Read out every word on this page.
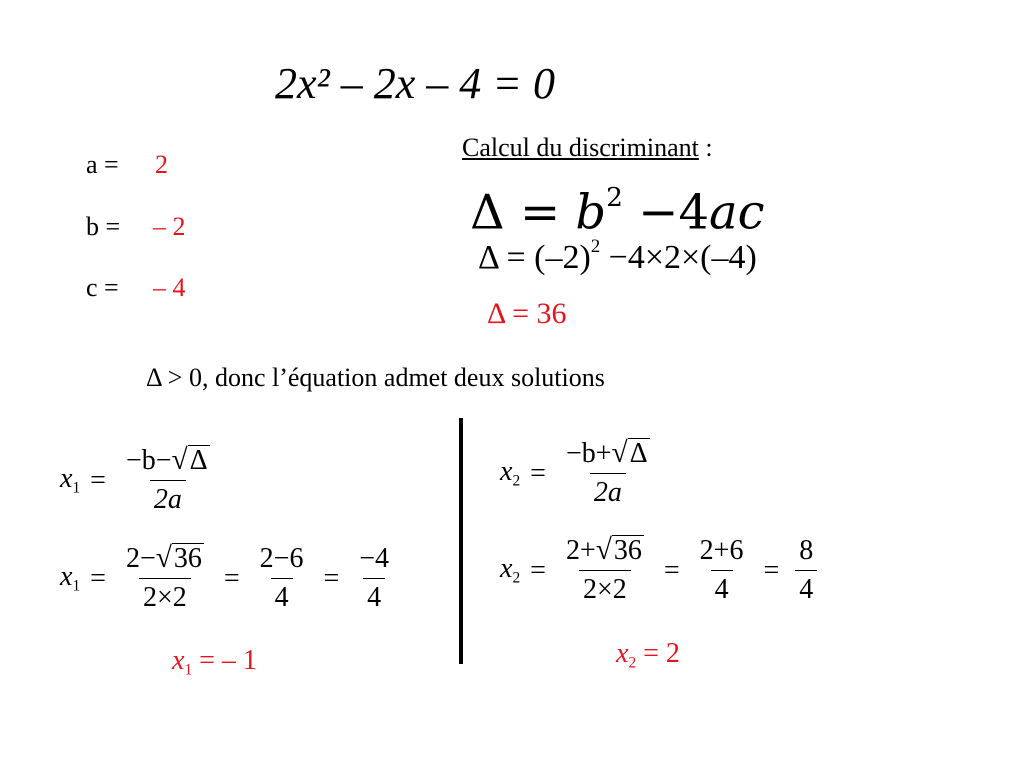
2x² – 2x – 4 = 0
a = 2
b = – 2
c = – 4
Calcul du discriminant :
$\Delta = b^2 -4ac$
$\Delta = (-2)^2 -4\times 2\times(-4)$
Δ = 36
Δ > 0, donc l’équation admet deux solutions
$x_1 = \frac{-b- √ \Delta}{2a}$
$x_1 = \frac{2- √ 36}{2\times 2} = \frac{2-6}{4} = \frac{-4}{4}$
$x_1$ = – 1
$x_2 = \frac{-b+ √ \Delta}{2a}$
$x_2 = \frac{2+ √ 36}{2\times 2} = \frac{2+6}{4} = \frac{8}{4}$
$x_2 = 2$
